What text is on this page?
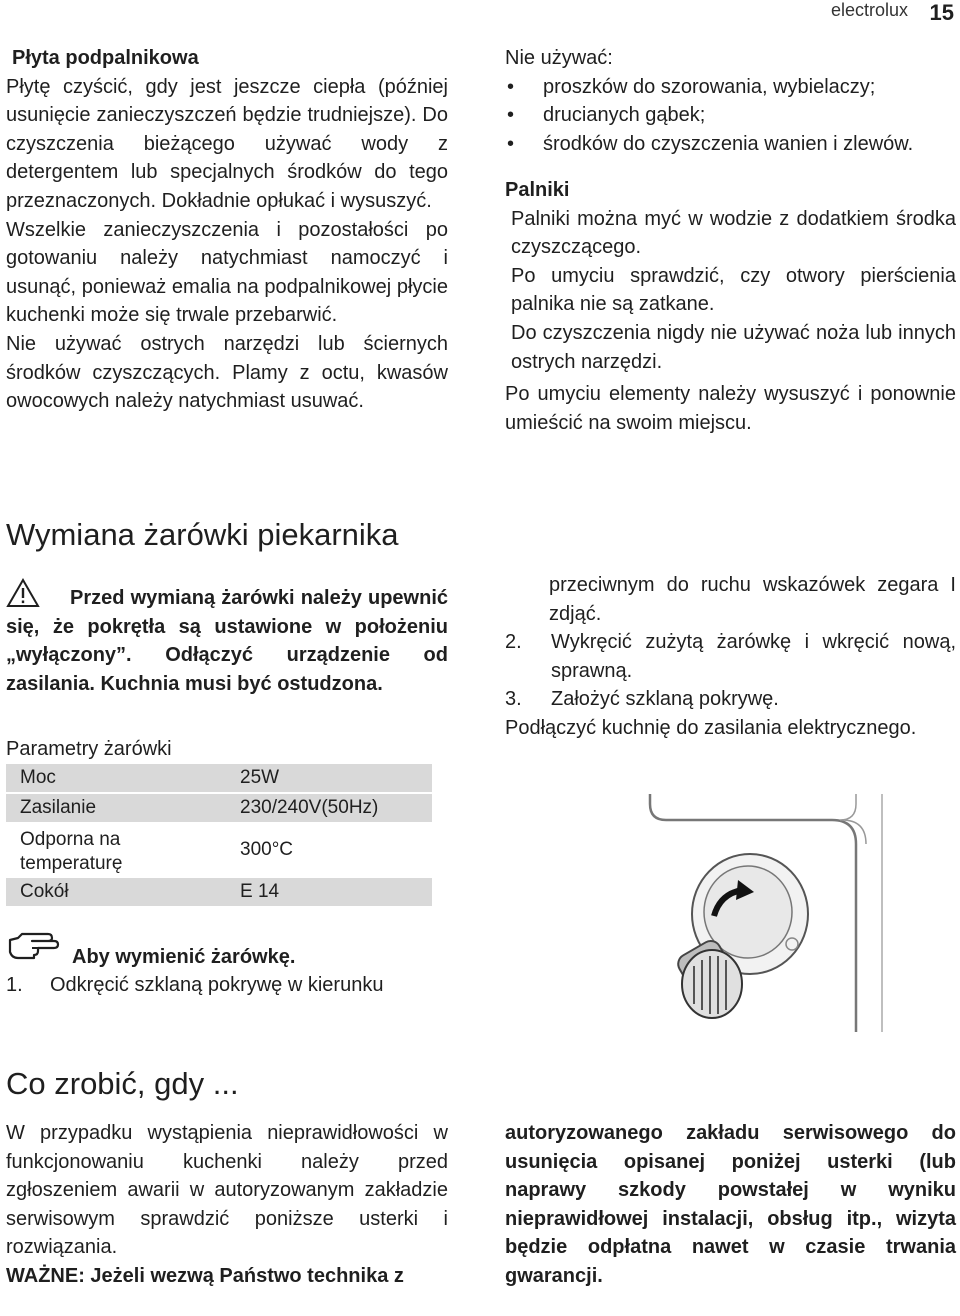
electrolux 15
Płyta podpalnikowa

Płytę czyścić, gdy jest jeszcze ciepła (później usunięcie zanieczyszczeń będzie trudniejsze). Do czyszczenia bieżącego używać wody z detergentem lub specjalnych środków do tego przeznaczonych. Dokładnie opłukać i wysuszyć.

Wszelkie zanieczyszczenia i pozostałości po gotowaniu należy natychmiast namoczyć i usunąć, ponieważ emalia na podpalnikowej płycie kuchenki może się trwale przebarwić.

Nie używać ostrych narzędzi lub ściernych środków czyszczących. Plamy z octu, kwasów owocowych należy natychmiast usuwać.

Nie używać:
• proszków do szorowania, wybielaczy;
• drucianych gąbek;
• środków do czyszczenia wanien i zlewów.
Palniki

Palniki można myć w wodzie z dodatkiem środka czyszczącego.

Po umyciu sprawdzić, czy otwory pierścienia palnika nie są zatkane.

Do czyszczenia nigdy nie używać noża lub innych ostrych narzędzi.

Po umyciu elementy należy wysuszyć i ponownie umieścić na swoim miejscu.

Wymiana żarówki piekarnika
Przed wymianą żarówki należy upewnić się, że pokrętła są ustawione w położeniu „wyłączony”. Odłączyć urządzenie od zasilania. Kuchnia musi być ostudzona.
Parametry żarówki
Moc	25W
Zasilanie	230/240V(50Hz)
Odporna na temperaturę	300°C
Cokół	E 14
Aby wymienić żarówkę.
1. Odkręcić szklaną pokrywę w kierunku

przeciwnym do ruchu wskazówek zegara I zdjąć.

2. Wykręcić zużytą żarówkę i wkręcić nową, sprawną.
3. Założyć szklaną pokrywę.

Podłączyć kuchnię do zasilania elektrycznego.

Co zrobić, gdy ...

W przypadku wystąpienia nieprawidłowości w funkcjonowaniu kuchenki należy przed zgłoszeniem awarii w autoryzowanym zakładzie serwisowym sprawdzić poniższe usterki i rozwiązania.

WAŻNE: Jeżeli wezwą Państwo technika z

autoryzowanego zakładu serwisowego do usunięcia opisanej poniżej usterki (lub naprawy szkody powstałej w wyniku nieprawidłowej instalacji, obsług itp., wizyta będzie odpłatna nawet w czasie trwania gwarancji.
